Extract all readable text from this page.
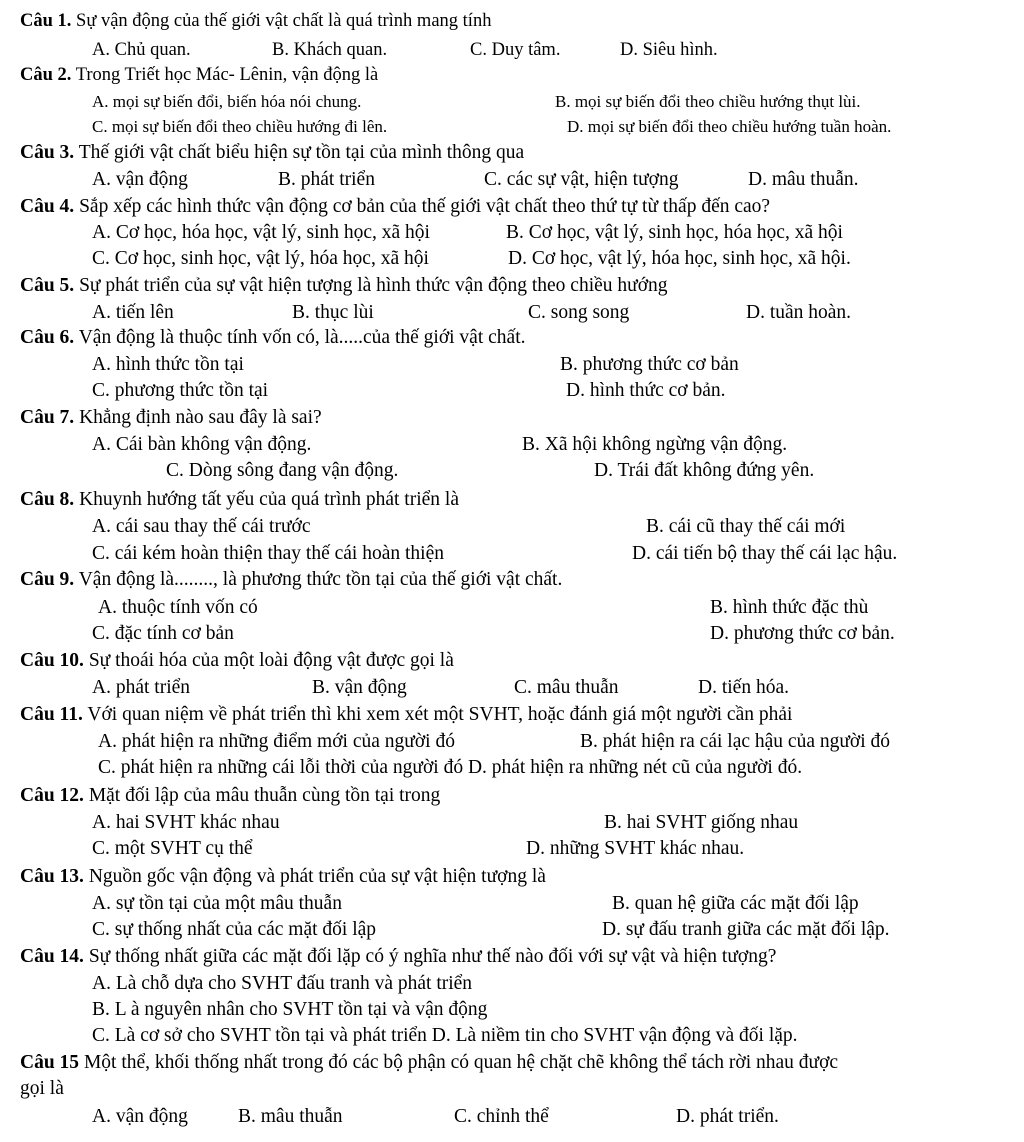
Câu 1. Sự vận động của thế giới vật chất là quá trình mang tính
A. Chủ quan.	B. Khách quan.	C. Duy tâm.	D. Siêu hình.
Câu 2. Trong Triết học Mác- Lênin, vận động là
A. mọi sự biến đổi, biến hóa nói chung.	B. mọi sự biến đổi theo chiều hướng thụt lùi.
C. mọi sự biến đổi theo chiều hướng đi lên.	D. mọi sự biến đổi theo chiều hướng tuần hoàn.
Câu 3. Thế giới vật chất biểu hiện sự tồn tại của mình thông qua
A. vận động	B. phát triển	C. các sự vật, hiện tượng	D. mâu thuẫn.
Câu 4. Sắp xếp các hình thức vận động cơ bản của thế giới vật chất theo thứ tự từ thấp đến cao?
A. Cơ học, hóa học, vật lý, sinh học, xã hội	B. Cơ học, vật lý, sinh học, hóa học, xã hội
C. Cơ học, sinh học, vật lý, hóa học, xã hội	D. Cơ học, vật lý, hóa học, sinh học, xã hội.
Câu 5. Sự phát triển của sự vật hiện tượng là hình thức vận động theo chiều hướng
A. tiến lên	B. thục lùi	C. song song	D. tuần hoàn.
Câu 6. Vận động là thuộc tính vốn có, là.....của thế giới vật chất.
A. hình thức tồn tại	B. phương thức cơ bản
C. phương thức tồn tại	D. hình thức cơ bản.
Câu 7. Khẳng định nào sau đây là sai?
A. Cái bàn không vận động.	B. Xã hội không ngừng vận động.
C. Dòng sông đang vận động.	D. Trái đất không đứng yên.
Câu 8. Khuynh hướng tất yếu của quá trình phát triển là
A. cái sau thay thế cái trước	B. cái cũ thay thế cái mới
C. cái kém hoàn thiện thay thế cái hoàn thiện	D. cái tiến bộ thay thế cái lạc hậu.
Câu 9. Vận động là........, là phương thức tồn tại của thế giới vật chất.
A. thuộc tính vốn có	B. hình thức đặc thù
C. đặc tính cơ bản	D. phương thức cơ bản.
Câu 10. Sự thoái hóa của một loài động vật được gọi là
A. phát triển	B. vận động	C. mâu thuẫn	D. tiến hóa.
Câu 11. Với quan niệm về phát triển thì khi xem xét một SVHT, hoặc đánh giá một người cần phải
A. phát hiện ra những điểm mới của người đó	B. phát hiện ra cái lạc hậu của người đó
C. phát hiện ra những cái lỗi thời của người đó D. phát hiện ra những nét cũ của người đó.
Câu 12. Mặt đối lập của mâu thuẫn cùng tồn tại trong
A. hai SVHT khác nhau	B. hai SVHT giống nhau
C. một SVHT cụ thể	D. những SVHT khác nhau.
Câu 13. Nguồn gốc vận động và phát triển của sự vật hiện tượng là
A. sự tồn tại của một mâu thuẫn	B. quan hệ giữa các mặt đối lập
C. sự thống nhất của các mặt đối lập	D. sự đấu tranh giữa các mặt đối lập.
Câu 14. Sự thống nhất giữa các mặt đối lặp có ý nghĩa như thế nào đối với sự vật và hiện tượng?
A. Là chỗ dựa cho SVHT đấu tranh và phát triển
B. L à nguyên nhân cho SVHT tồn tại và vận động
C. Là cơ sở cho SVHT tồn tại và phát triển D. Là niềm tin cho SVHT vận động và đối lặp.
Câu 15 Một thể, khối thống nhất trong đó các bộ phận có quan hệ chặt chẽ không thể tách rời nhau được
gọi là
A. vận động	B. mâu thuẫn	C. chỉnh thể	D. phát triển.
